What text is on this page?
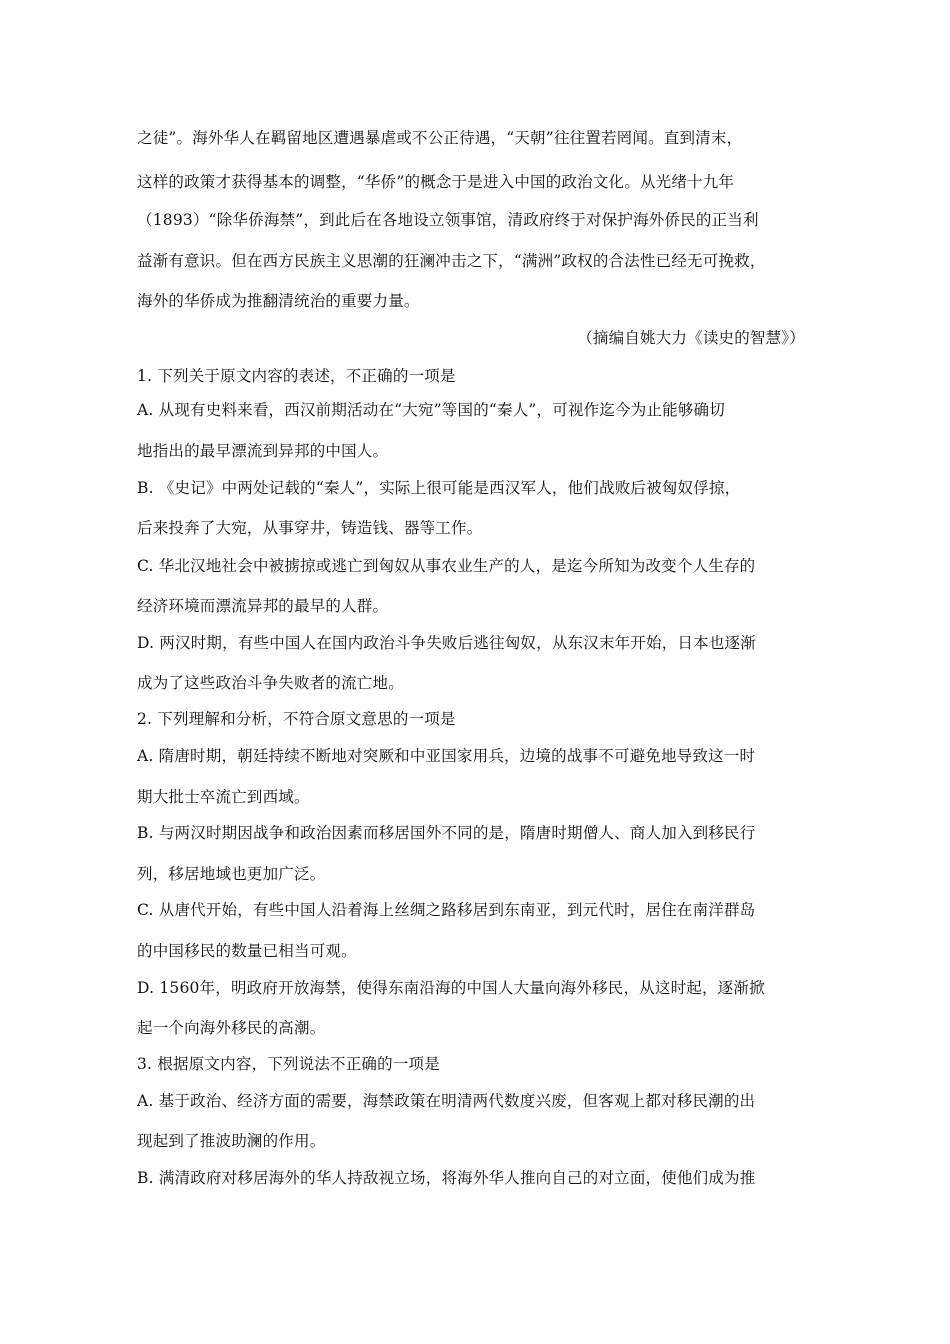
之徒”。海外华人在羁留地区遭遇暴虐或不公正待遇，“天朝”往往置若罔闻。直到清末，
这样的政策才获得基本的调整，“华侨”的概念于是进入中国的政治文化。从光绪十九年
（1893）“除华侨海禁”，到此后在各地设立领事馆，清政府终于对保护海外侨民的正当利
益渐有意识。但在西方民族主义思潮的狂澜冲击之下，“满洲”政权的合法性已经无可挽救，
海外的华侨成为推翻清统治的重要力量。
（摘编自姚大力《读史的智慧》）
1. 下列关于原文内容的表述，不正确的一项是
A. 从现有史料来看，西汉前期活动在“大宛”等国的“秦人”，可视作迄今为止能够确切
地指出的最早漂流到异邦的中国人。
B. 《史记》中两处记载的“秦人”，实际上很可能是西汉军人，他们战败后被匈奴俘掠，
后来投奔了大宛，从事穿井，铸造钱、器等工作。
C. 华北汉地社会中被掳掠或逃亡到匈奴从事农业生产的人，是迄今所知为改变个人生存的
经济环境而漂流异邦的最早的人群。
D. 两汉时期，有些中国人在国内政治斗争失败后逃往匈奴，从东汉末年开始，日本也逐渐
成为了这些政治斗争失败者的流亡地。
2. 下列理解和分析，不符合原文意思的一项是
A. 隋唐时期，朝廷持续不断地对突厥和中亚国家用兵，边境的战事不可避免地导致这一时
期大批士卒流亡到西域。
B. 与两汉时期因战争和政治因素而移居国外不同的是，隋唐时期僧人、商人加入到移民行
列，移居地域也更加广泛。
C. 从唐代开始，有些中国人沿着海上丝绸之路移居到东南亚，到元代时，居住在南洋群岛
的中国移民的数量已相当可观。
D. 1560年，明政府开放海禁，使得东南沿海的中国人大量向海外移民，从这时起，逐渐掀
起一个向海外移民的高潮。
3. 根据原文内容，下列说法不正确的一项是
A. 基于政治、经济方面的需要，海禁政策在明清两代数度兴废，但客观上都对移民潮的出
现起到了推波助澜的作用。
B. 满清政府对移居海外的华人持敌视立场，将海外华人推向自己的对立面，使他们成为推
